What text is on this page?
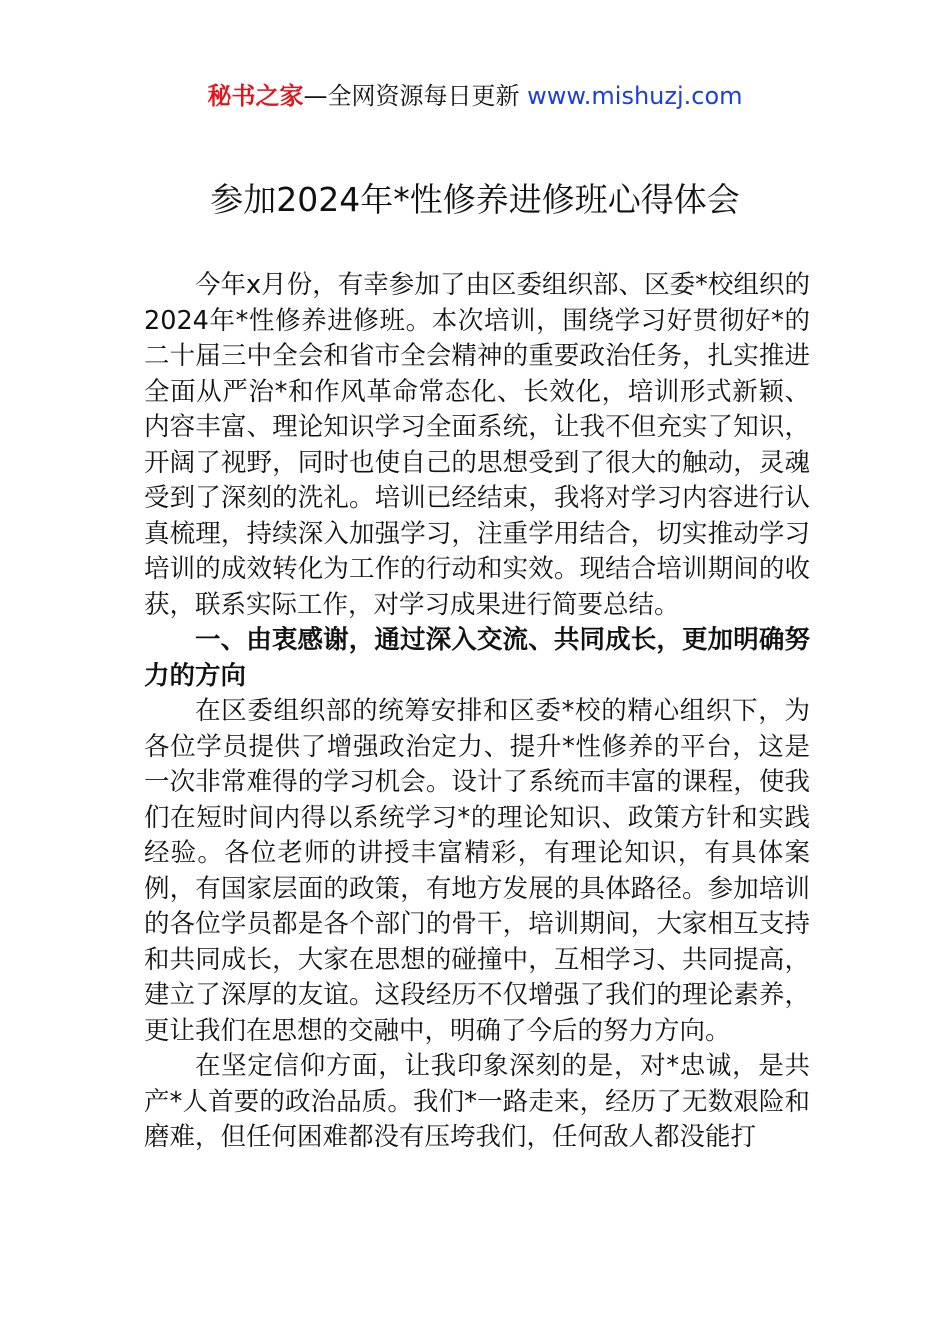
秘书之家—全网资源每日更新 www.mishuzj.com
参加2024年*性修养进修班心得体会

今年x月份，有幸参加了由区委组织部、区委*校组织的2024年*性修养进修班。本次培训，围绕学习好贯彻好*的二十届三中全会和省市全会精神的重要政治任务，扎实推进全面从严治*和作风革命常态化、长效化，培训形式新颖、内容丰富、理论知识学习全面系统，让我不但充实了知识，开阔了视野，同时也使自己的思想受到了很大的触动，灵魂受到了深刻的洗礼。培训已经结束，我将对学习内容进行认真梳理，持续深入加强学习，注重学用结合，切实推动学习培训的成效转化为工作的行动和实效。现结合培训期间的收获，联系实际工作，对学习成果进行简要总结。

一、由衷感谢，通过深入交流、共同成长，更加明确努力的方向

在区委组织部的统筹安排和区委*校的精心组织下，为各位学员提供了增强政治定力、提升*性修养的平台，这是一次非常难得的学习机会。设计了系统而丰富的课程，使我们在短时间内得以系统学习*的理论知识、政策方针和实践经验。各位老师的讲授丰富精彩，有理论知识，有具体案例，有国家层面的政策，有地方发展的具体路径。参加培训的各位学员都是各个部门的骨干，培训期间，大家相互支持和共同成长，大家在思想的碰撞中，互相学习、共同提高，建立了深厚的友谊。这段经历不仅增强了我们的理论素养，更让我们在思想的交融中，明确了今后的努力方向。

在坚定信仰方面，让我印象深刻的是，对*忠诚，是共产*人首要的政治品质。我们*一路走来，经历了无数艰险和磨难，但任何困难都没有压垮我们，任何敌人都没能打
